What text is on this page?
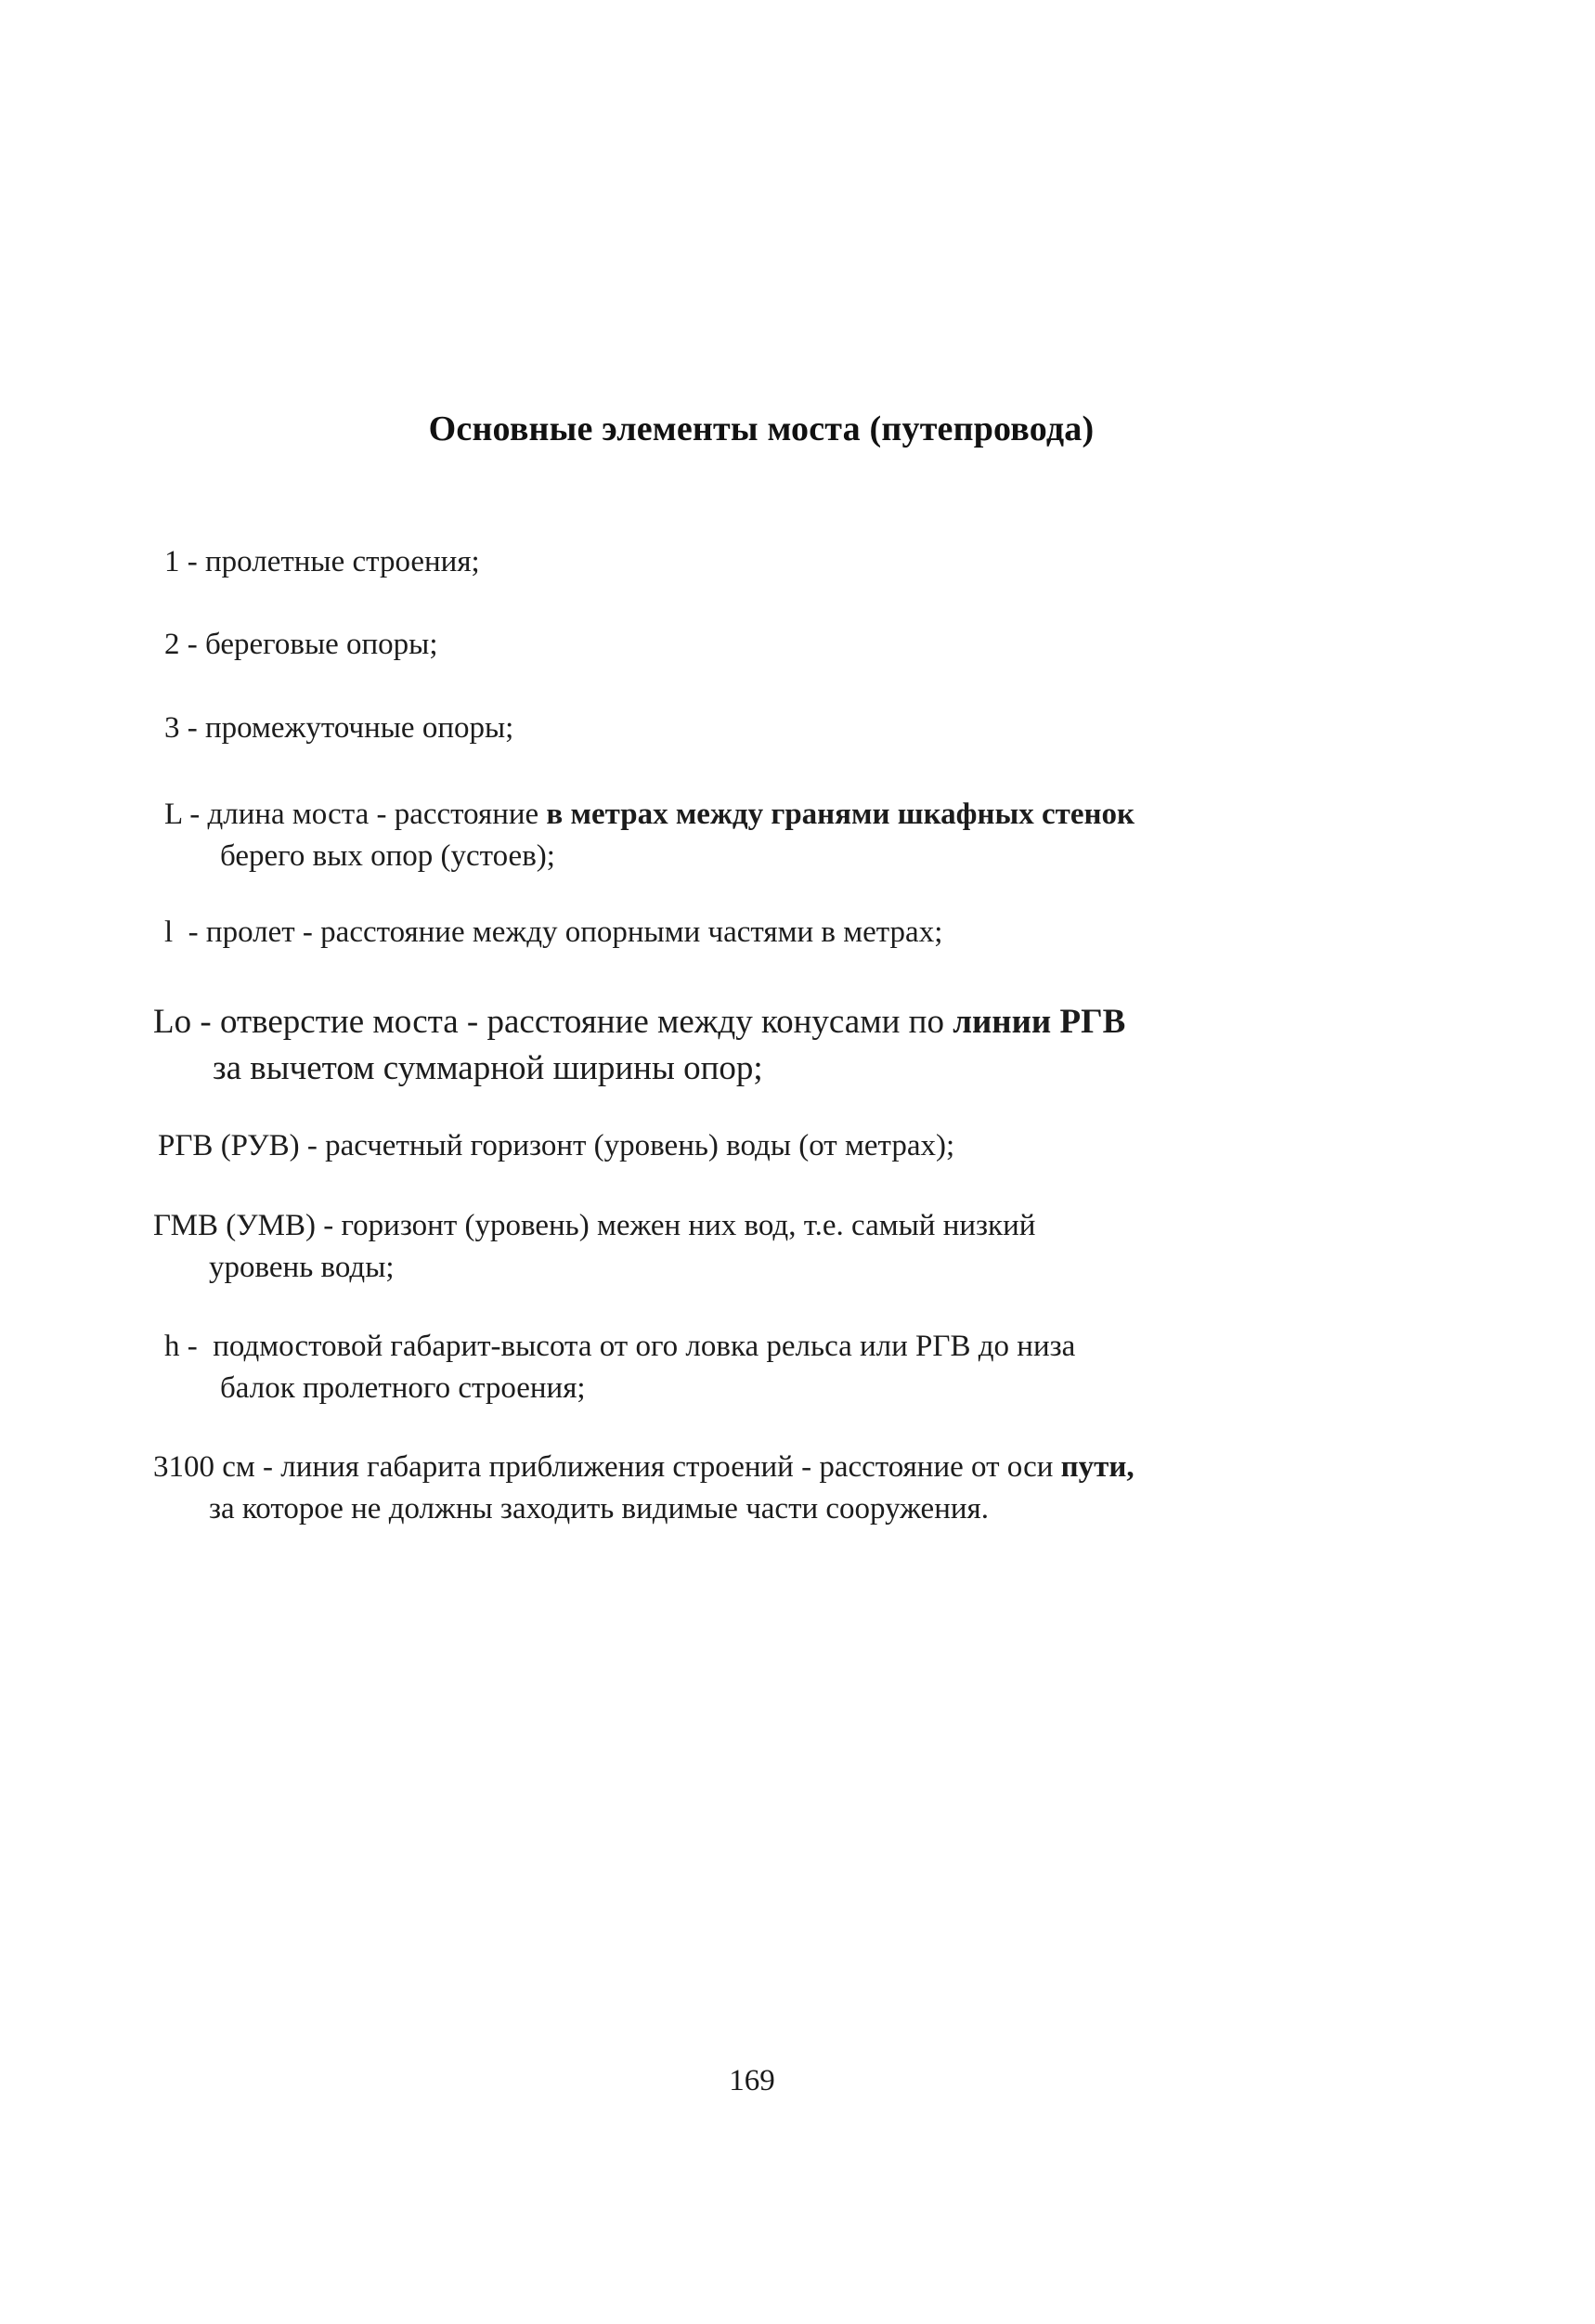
Основные элементы моста (путепровода)
1 - пролетные строения;
2 - береговые опоры;
3 - промежуточные опоры;
L - длина моста - расстояние в метрах между гранями шкафных стенок
берего вых опор (устоев);
l  - пролет - расстояние между опорными частями в метрах;
Lo - отверстие моста - расстояние между конусами по линии РГВ
за вычетом суммарной ширины опор;
РГВ (РУВ) - расчетный горизонт (уровень) воды (от метрах);
ГМВ (УМВ) - горизонт (уровень) межен них вод, т.е. самый низкий
уровень воды;
h -  подмостовой габарит-высота от ого ловка рельса или РГВ до низа
балок пролетного строения;
3100 см - линия габарита приближения строений - расстояние от оси пути,
за которое не должны заходить видимые части сооружения.
169
